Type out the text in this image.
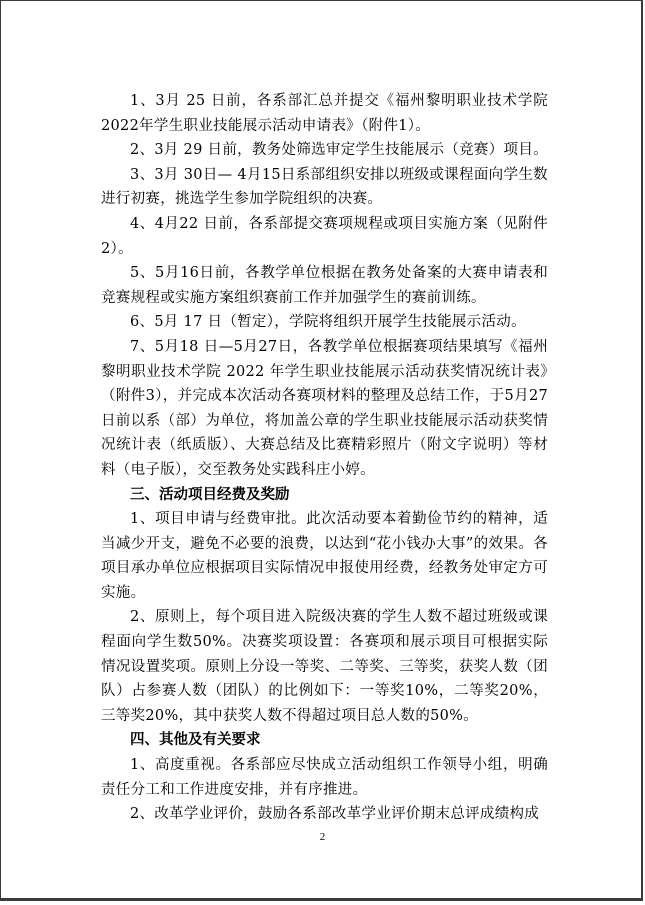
1、3月 25 日前，各系部汇总并提交《福州黎明职业技术学院2022年学生职业技能展示活动申请表》（附件1）。

2、3月 29 日前，教务处筛选审定学生技能展示（竞赛）项目。

3、3月 30日— 4月15日系部组织安排以班级或课程面向学生数进行初赛，挑选学生参加学院组织的决赛。

4、4月22 日前，各系部提交赛项规程或项目实施方案（见附件2）。

5、5月16日前，各教学单位根据在教务处备案的大赛申请表和竞赛规程或实施方案组织赛前工作并加强学生的赛前训练。

6、5月 17 日（暂定），学院将组织开展学生技能展示活动。

7、5月18 日—5月27日，各教学单位根据赛项结果填写《福州黎明职业技术学院 2022 年学生职业技能展示活动获奖情况统计表》（附件3），并完成本次活动各赛项材料的整理及总结工作，于5月27日前以系（部）为单位，将加盖公章的学生职业技能展示活动获奖情况统计表（纸质版）、大赛总结及比赛精彩照片（附文字说明）等材料（电子版），交至教务处实践科庄小婷。

三、活动项目经费及奖励

1、项目申请与经费审批。此次活动要本着勤俭节约的精神，适当减少开支，避免不必要的浪费，以达到“花小钱办大事”的效果。各项目承办单位应根据项目实际情况申报使用经费，经教务处审定方可实施。

2、原则上，每个项目进入院级决赛的学生人数不超过班级或课程面向学生数50%。决赛奖项设置：各赛项和展示项目可根据实际情况设置奖项。原则上分设一等奖、二等奖、三等奖，获奖人数（团队）占参赛人数（团队）的比例如下：一等奖10%，二等奖20%，三等奖20%，其中获奖人数不得超过项目总人数的50%。

四、其他及有关要求

1、高度重视。各系部应尽快成立活动组织工作领导小组，明确责任分工和工作进度安排，并有序推进。

2、改革学业评价，鼓励各系部改革学业评价期末总评成绩构成

2
